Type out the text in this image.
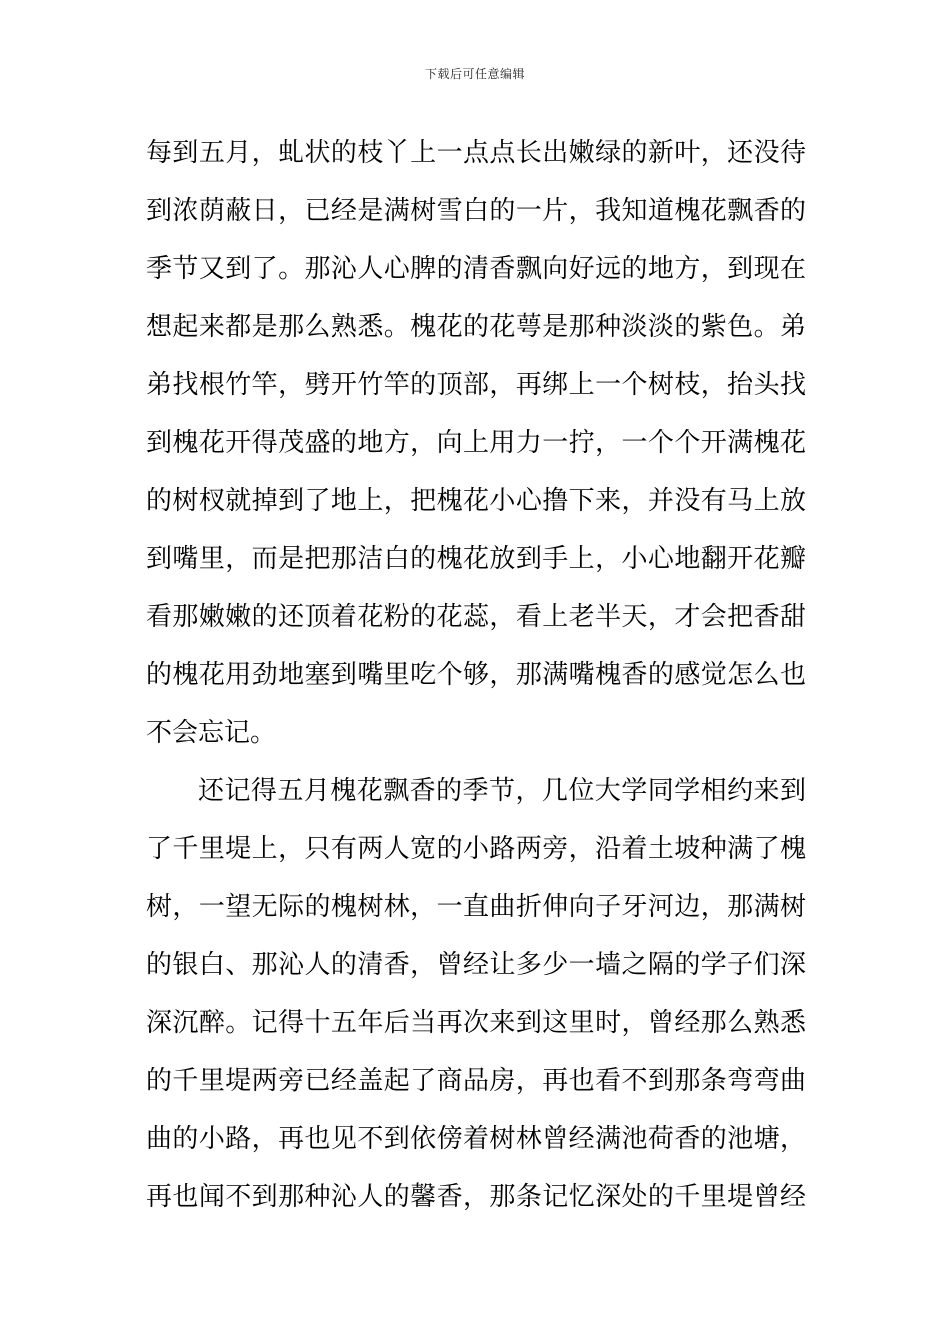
下载后可任意编辑
每到五月，虬状的枝丫上一点点长出嫩绿的新叶，还没待
到浓荫蔽日，已经是满树雪白的一片，我知道槐花飘香的
季节又到了。那沁人心脾的清香飘向好远的地方，到现在
想起来都是那么熟悉。槐花的花萼是那种淡淡的紫色。弟
弟找根竹竿，劈开竹竿的顶部，再绑上一个树枝，抬头找
到槐花开得茂盛的地方，向上用力一拧，一个个开满槐花
的树杈就掉到了地上，把槐花小心撸下来，并没有马上放
到嘴里，而是把那洁白的槐花放到手上，小心地翻开花瓣
看那嫩嫩的还顶着花粉的花蕊，看上老半天，才会把香甜
的槐花用劲地塞到嘴里吃个够，那满嘴槐香的感觉怎么也
不会忘记。
还记得五月槐花飘香的季节，几位大学同学相约来到
了千里堤上，只有两人宽的小路两旁，沿着土坡种满了槐
树，一望无际的槐树林，一直曲折伸向子牙河边，那满树
的银白、那沁人的清香，曾经让多少一墙之隔的学子们深
深沉醉。记得十五年后当再次来到这里时，曾经那么熟悉
的千里堤两旁已经盖起了商品房，再也看不到那条弯弯曲
曲的小路，再也见不到依傍着树林曾经满池荷香的池塘，
再也闻不到那种沁人的馨香，那条记忆深处的千里堤曾经
